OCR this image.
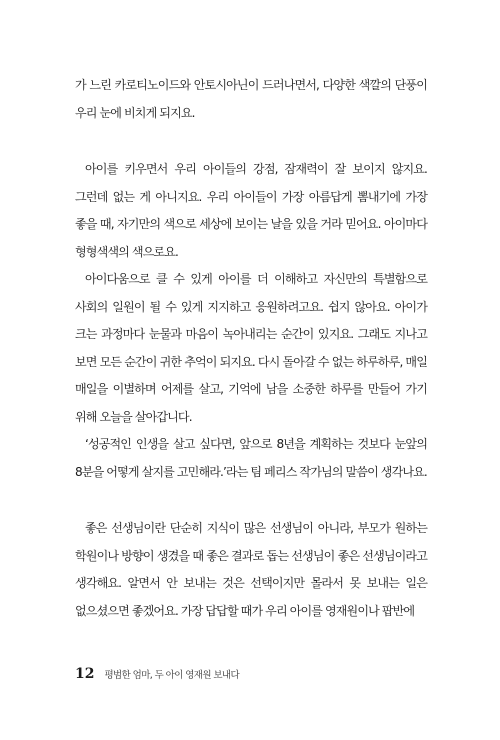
가 느린 카로티노이드와 안토시아닌이 드러나면서, 다양한 색깔의 단풍이 우리 눈에 비치게 되지요.

아이를 키우면서 우리 아이들의 강점, 잠재력이 잘 보이지 않지요. 그런데 없는 게 아니지요. 우리 아이들이 가장 아름답게 뽐내기에 가장 좋을 때, 자기만의 색으로 세상에 보이는 날을 있을 거라 믿어요. 아이마다 형형색색의 색으로요.

아이다움으로 클 수 있게 아이를 더 이해하고 자신만의 특별함으로 사회의 일원이 될 수 있게 지지하고 응원하려고요. 쉽지 않아요. 아이가 크는 과정마다 눈물과 마음이 녹아내리는 순간이 있지요. 그래도 지나고 보면 모든 순간이 귀한 추억이 되지요. 다시 돌아갈 수 없는 하루하루, 매일 매일을 이별하며 어제를 살고, 기억에 남을 소중한 하루를 만들어 가기 위해 오늘을 살아갑니다.

‘성공적인 인생을 살고 싶다면, 앞으로 8년을 계획하는 것보다 눈앞의 8분을 어떻게 살지를 고민해라.’라는 팀 페리스 작가님의 말씀이 생각나요.

좋은 선생님이란 단순히 지식이 많은 선생님이 아니라, 부모가 원하는 학원이나 방향이 생겼을 때 좋은 결과로 돕는 선생님이 좋은 선생님이라고 생각해요. 알면서 안 보내는 것은 선택이지만 몰라서 못 보내는 일은 없으셨으면 좋겠어요. 가장 답답할 때가 우리 아이를 영재원이나 팝반에

12 평범한 엄마, 두 아이 영재원 보내다
